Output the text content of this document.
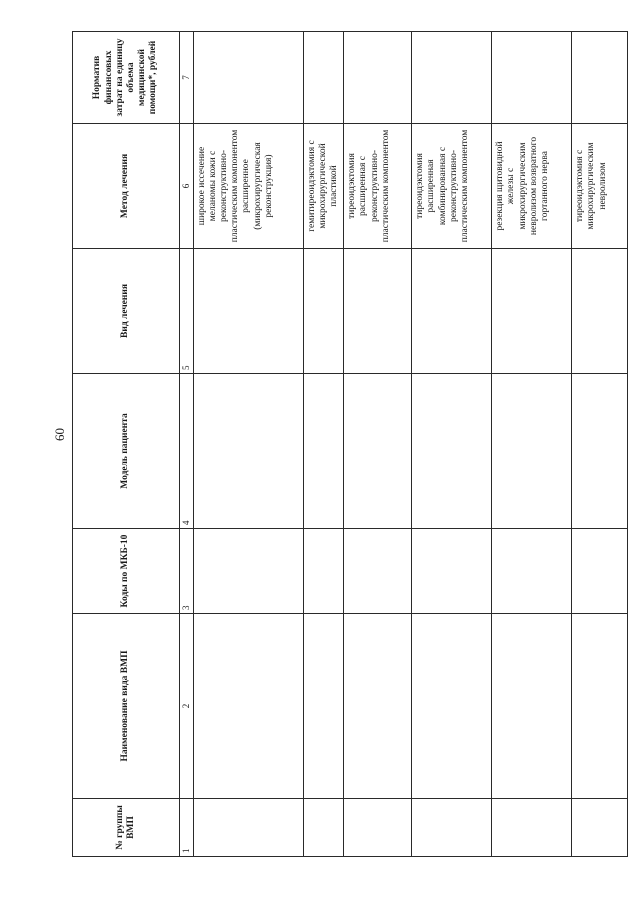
60
№ группы ВМП	Наименование вида ВМП	Коды по МКБ-10	Модель пациента	Вид лечения	Метод лечения	Норматив финансовых затрат на единицу объема медицинской помощи*, рублей
1	2	3	4	5	6	7
					широкое иссечение меланомы кожи с реконструктивно-пластическим компонентом расширенное (микрохирургическая реконструкция)	
					гемитиреоидэктомия с микрохирургической пластикой	
					тиреоидэктомия расширенная с реконструктивно-пластическим компонентом	
					тиреоидэктомия расширенная комбинированная с реконструктивно-пластическим компонентом	
					резекция щитовидной железы с микрохирургическим невролизом возвратного гортанного нерва	
					тиреоидэктомия с микрохирургическим невролизом	
